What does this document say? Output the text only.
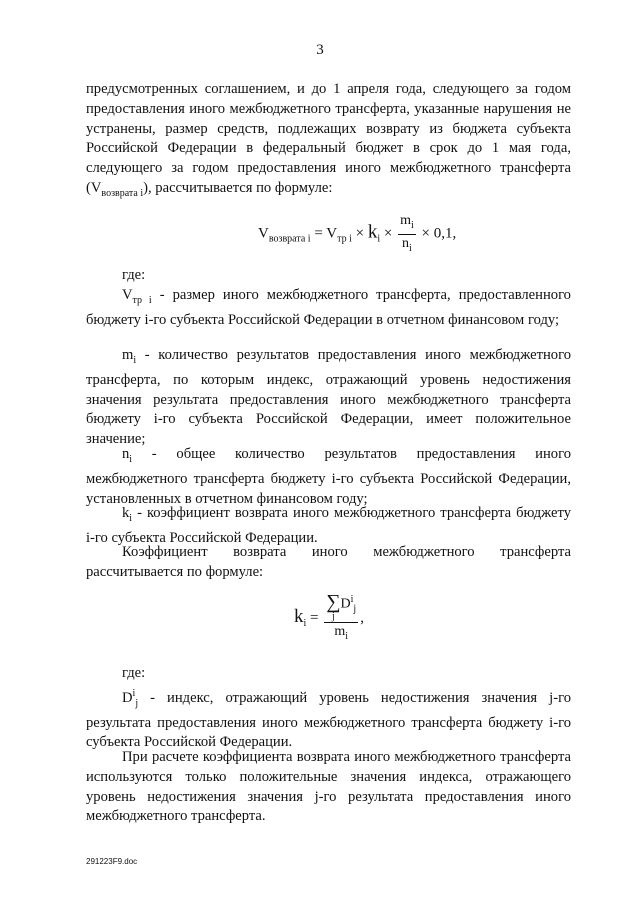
3
предусмотренных соглашением, и до 1 апреля года, следующего за годом предоставления иного межбюджетного трансферта, указанные нарушения не устранены, размер средств, подлежащих возврату из бюджета субъекта Российской Федерации в федеральный бюджет в срок до 1 мая года, следующего за годом предоставления иного межбюджетного трансферта $(V_{возврата i})$, рассчитывается по формуле:
$V_{возврата i} = V_{тр i} \times k_i \times \frac{m_i}{n_i} \times 0,1$,
где:
$V_{тр i}$ - размер иного межбюджетного трансферта, предоставленного бюджету i-го субъекта Российской Федерации в отчетном финансовом году;
$m_i$ - количество результатов предоставления иного межбюджетного трансферта, по которым индекс, отражающий уровень недостижения значения результата предоставления иного межбюджетного трансферта бюджету i-го субъекта Российской Федерации, имеет положительное значение;
$n_i$ - общее количество результатов предоставления иного межбюджетного трансферта бюджету i-го субъекта Российской Федерации, установленных в отчетном финансовом году;
$k_i$ - коэффициент возврата иного межбюджетного трансферта бюджету i-го субъекта Российской Федерации.
Коэффициент возврата иного межбюджетного трансферта рассчитывается по формуле:
$k_i$ = ∑
j
$D^i_j$
$m_i$ ,
где:
$D^i_j$ - индекс, отражающий уровень недостижения значения j-го результата предоставления иного межбюджетного трансферта бюджету i-го субъекта Российской Федерации.
При расчете коэффициента возврата иного межбюджетного трансферта используются только положительные значения индекса, отражающего уровень недостижения значения j-го результата предоставления иного межбюджетного трансферта.
291223F9.doc
